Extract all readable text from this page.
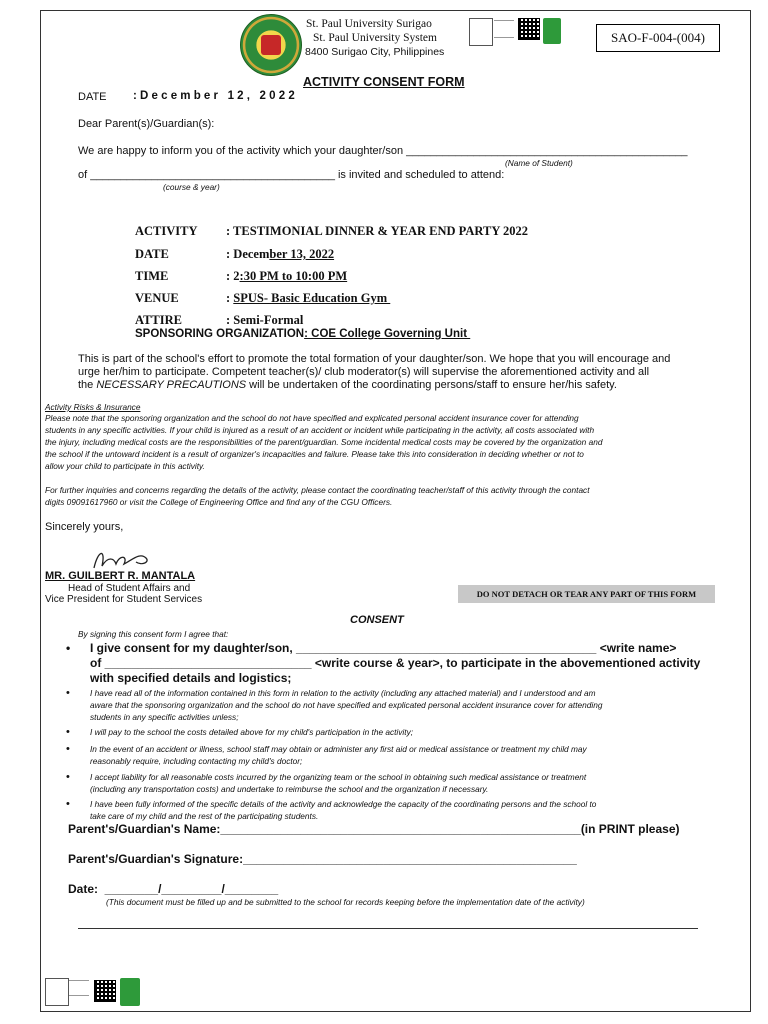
St. Paul University Surigao
St. Paul University System
8400 Surigao City, Philippines
SAO-F-004-(004)
ACTIVITY CONSENT FORM
DATE : D e c e m b e r   1 2 ,   2 0 2 2
Dear Parent(s)/Guardian(s):
We are happy to inform you of the activity which your daughter/son ______________________________________________
(Name of Student)
of ________________________________________ is invited and scheduled to attend:
(course & year)
ACTIVITY : TESTIMONIAL DINNER & YEAR END PARTY 2022
DATE	: December 13, 2022
TIME	: 2:30 PM to 10:00 PM
VENUE	: SPUS- Basic Education Gym
ATTIRE	: Semi-Formal
SPONSORING ORGANIZATION: COE College Governing Unit
This is part of the school's effort to promote the total formation of your daughter/son. We hope that you will encourage and
urge her/him to participate. Competent teacher(s)/ club moderator(s) will supervise the aforementioned activity and all
the NECESSARY PRECAUTIONS will be undertaken of the coordinating persons/staff to ensure her/his safety.
Activity Risks & Insurance
Please note that the sponsoring organization and the school do not have specified and explicated personal accident insurance cover for attending
students in any specific activities. If your child is injured as a result of an accident or incident while participating in the activity, all costs associated with
the injury, including medical costs are the responsibilities of the parent/guardian. Some incidental medical costs may be covered by the organization and
the school if the untoward incident is a result of organizer's incapacities and failure. Please take this into consideration in deciding whether or not to
allow your child to participate in this activity.
For further inquiries and concerns regarding the details of the activity, please contact the coordinating teacher/staff of this activity through the contact
digits 09091617960 or visit the College of Engineering Office and find any of the CGU Officers.
Sincerely yours,
MR. GUILBERT R. MANTALA
Head of Student Affairs and
Vice President for Student Services	DO NOT DETACH OR TEAR ANY PART OF THIS FORM
CONSENT
By signing this consent form I agree that:
• I give consent for my daughter/son, _____________________________________________ <write name>
of _______________________________ <write course & year>, to participate in the abovementioned activity
with specified details and logistics;
• I have read all of the information contained in this form in relation to the activity (including any attached material) and I understood and am
aware that the sponsoring organization and the school do not have specified and explicated personal accident insurance cover for attending
students in any specific activities unless;
• I will pay to the school the costs detailed above for my child's participation in the activity;
• In the event of an accident or illness, school staff may obtain or administer any first aid or medical assistance or treatment my child may
reasonably require, including contacting my child's doctor;
• I accept liability for all reasonable costs incurred by the organizing team or the school in obtaining such medical assistance or treatment
(including any transportation costs) and undertake to reimburse the school and the organization if necessary.
• I have been fully informed of the specific details of the activity and acknowledge the capacity of the coordinating persons and the school to
take care of my child and the rest of the participating students.
Parent's/Guardian's Name:______________________________________________________(in PRINT please)
Parent's/Guardian's Signature:__________________________________________________
Date:  ________/_________/________
(This document must be filled up and be submitted to the school for records keeping before the implementation date of the activity)
